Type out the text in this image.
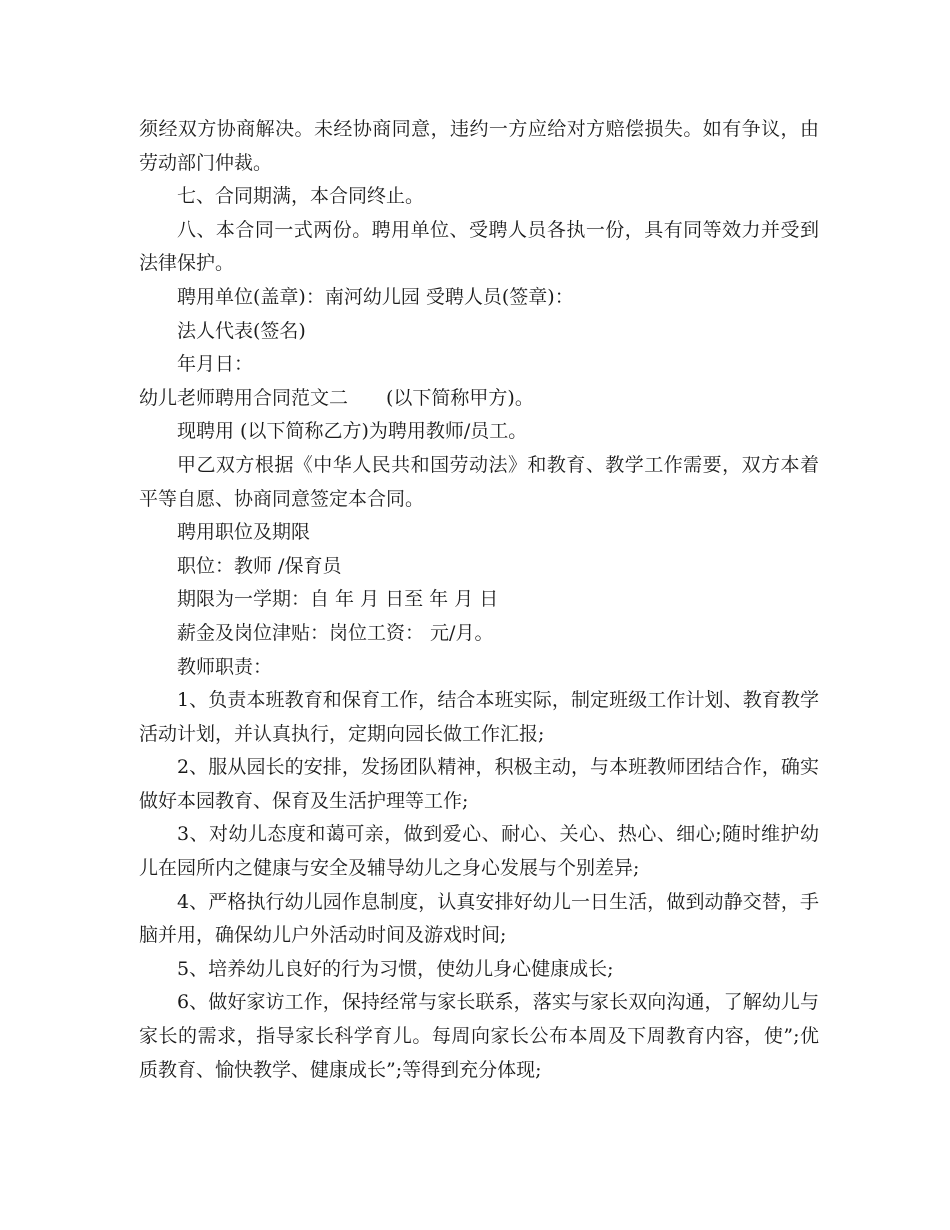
须经双方协商解决。未经协商同意，违约一方应给对方赔偿损失。如有争议，由劳动部门仲裁。

七、合同期满，本合同终止。

八、本合同一式两份。聘用单位、受聘人员各执一份，具有同等效力并受到法律保护。

聘用单位(盖章)：南河幼儿园 受聘人员(签章)：

法人代表(签名)

年月日：

幼儿老师聘用合同范文二 (以下简称甲方)。

现聘用 (以下简称乙方)为聘用教师/员工。

甲乙双方根据《中华人民共和国劳动法》和教育、教学工作需要，双方本着平等自愿、协商同意签定本合同。

聘用职位及期限

职位：教师 /保育员

期限为一学期：自 年 月 日至 年 月 日

薪金及岗位津贴：岗位工资： 元/月。

教师职责：

1、负责本班教育和保育工作，结合本班实际，制定班级工作计划、教育教学活动计划，并认真执行，定期向园长做工作汇报;

2、服从园长的安排，发扬团队精神，积极主动，与本班教师团结合作，确实做好本园教育、保育及生活护理等工作;

3、对幼儿态度和蔼可亲，做到爱心、耐心、关心、热心、细心;随时维护幼儿在园所内之健康与安全及辅导幼儿之身心发展与个别差异;

4、严格执行幼儿园作息制度，认真安排好幼儿一日生活，做到动静交替，手脑并用，确保幼儿户外活动时间及游戏时间;

5、培养幼儿良好的行为习惯，使幼儿身心健康成长;

6、做好家访工作，保持经常与家长联系，落实与家长双向沟通，了解幼儿与家长的需求，指导家长科学育儿。每周向家长公布本周及下周教育内容，使”;优质教育、愉快教学、健康成长”;等得到充分体现;
